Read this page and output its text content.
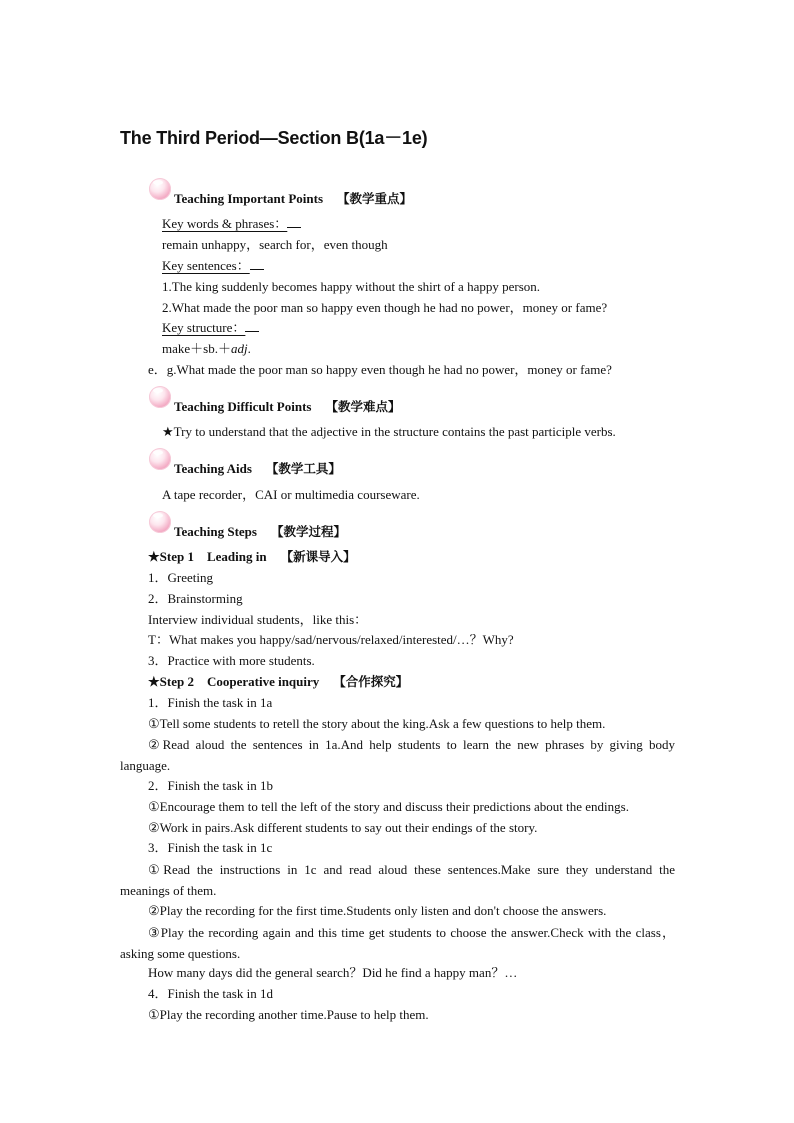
The Third Period—Section B(1a－1e)
Teaching Important Points 【教学重点】
Key words & phrases：
remain unhappy，search for，even though
Key sentences：
1.The king suddenly becomes happy without the shirt of a happy person.
2.What made the poor man so happy even though he had no power，money or fame?
Key structure：
make＋sb.＋adj.
e．g.What made the poor man so happy even though he had no power，money or fame?
Teaching Difficult Points 【教学难点】
★Try to understand that the adjective in the structure contains the past participle verbs.
Teaching Aids 【教学工具】
A tape recorder，CAI or multimedia courseware.
Teaching Steps 【教学过程】
★Step 1　Leading in 【新课导入】
1．Greeting
2．Brainstorming
Interview individual students，like this：
T：What makes you happy/sad/nervous/relaxed/interested/…？Why?
3．Practice with more students.
★Step 2　Cooperative inquiry 【合作探究】
1．Finish the task in 1a
①Tell some students to retell the story about the king.Ask a few questions to help them.
②Read aloud the sentences in 1a.And help students to learn the new phrases by giving body language.
2．Finish the task in 1b
①Encourage them to tell the left of the story and discuss their predictions about the endings.
②Work in pairs.Ask different students to say out their endings of the story.
3．Finish the task in 1c
①Read the instructions in 1c and read aloud these sentences.Make sure they understand the meanings of them.
②Play the recording for the first time.Students only listen and don't choose the answers.
③Play the recording again and this time get students to choose the answer.Check with the class，asking some questions.
How many days did the general search？Did he find a happy man？…
4．Finish the task in 1d
①Play the recording another time.Pause to help them.
